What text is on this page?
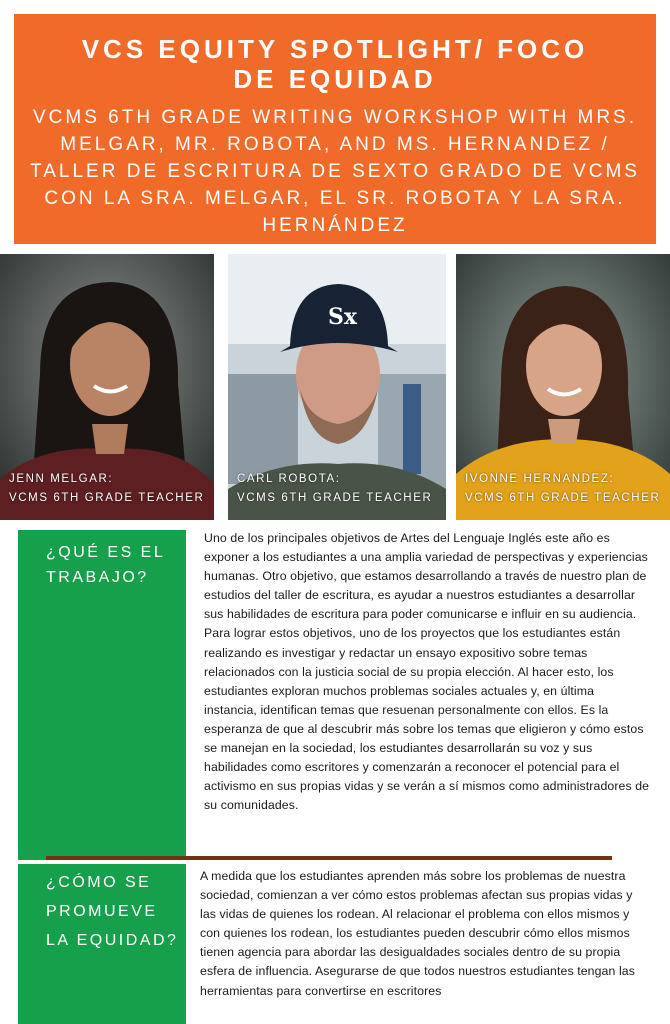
VCS EQUITY SPOTLIGHT/ FOCO DE EQUIDAD
VCMS 6TH GRADE WRITING WORKSHOP WITH MRS. MELGAR, MR. ROBOTA, AND MS. HERNANDEZ / TALLER DE ESCRITURA DE SEXTO GRADO DE VCMS CON LA SRA. MELGAR, EL SR. ROBOTA Y LA SRA. HERNÁNDEZ
JENN MELGAR:
VCMS 6TH GRADE TEACHER
Sx
CARL ROBOTA:
VCMS 6TH GRADE TEACHER
IVONNE HERNANDEZ:
VCMS 6TH GRADE TEACHER
¿QUÉ ES EL TRABAJO?
Uno de los principales objetivos de Artes del Lenguaje Inglés este año es exponer a los estudiantes a una amplia variedad de perspectivas y experiencias humanas. Otro objetivo, que estamos desarrollando a través de nuestro plan de estudios del taller de escritura, es ayudar a nuestros estudiantes a desarrollar sus habilidades de escritura para poder comunicarse e influir en su audiencia. Para lograr estos objetivos, uno de los proyectos que los estudiantes están realizando es investigar y redactar un ensayo expositivo sobre temas relacionados con la justicia social de su propia elección. Al hacer esto, los estudiantes exploran muchos problemas sociales actuales y, en última instancia, identifican temas que resuenan personalmente con ellos. Es la esperanza de que al descubrir más sobre los temas que eligieron y cómo estos se manejan en la sociedad, los estudiantes desarrollarán su voz y sus habilidades como escritores y comenzarán a reconocer el potencial para el activismo en sus propias vidas y se verán a sí mismos como administradores de su comunidades.
¿CÓMO SE PROMUEVE LA EQUIDAD?
A medida que los estudiantes aprenden más sobre los problemas de nuestra sociedad, comienzan a ver cómo estos problemas afectan sus propias vidas y las vidas de quienes los rodean. Al relacionar el problema con ellos mismos y con quienes los rodean, los estudiantes pueden descubrir cómo ellos mismos tienen agencia para abordar las desigualdades sociales dentro de su propia esfera de influencia. Asegurarse de que todos nuestros estudiantes tengan las herramientas para convertirse en escritores
